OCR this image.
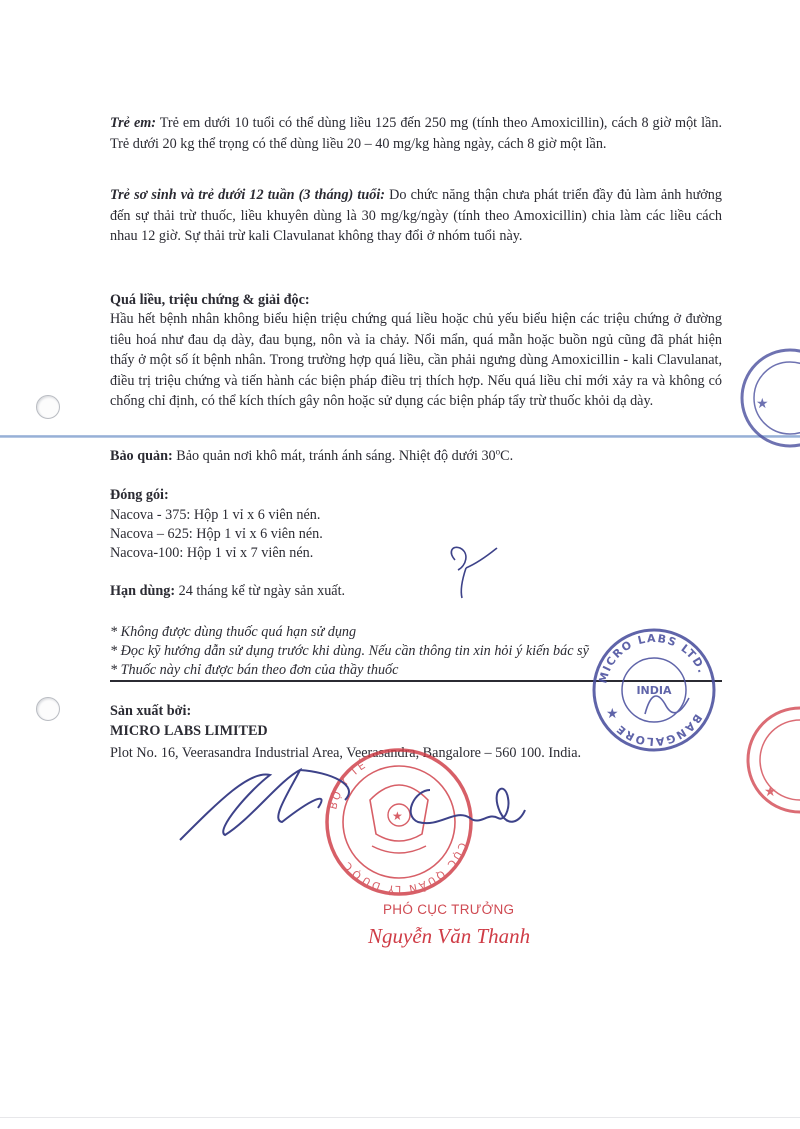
Trẻ em: Trẻ em dưới 10 tuổi có thể dùng liều 125 đến 250 mg (tính theo Amoxicillin), cách 8 giờ một lần. Trẻ dưới 20 kg thể trọng có thể dùng liều 20 – 40 mg/kg hàng ngày, cách 8 giờ một lần.
Trẻ sơ sinh và trẻ dưới 12 tuần (3 tháng) tuổi: Do chức năng thận chưa phát triển đầy đủ làm ảnh hưởng đến sự thải trừ thuốc, liều khuyên dùng là 30 mg/kg/ngày (tính theo Amoxicillin) chia làm các liều cách nhau 12 giờ. Sự thải trừ kali Clavulanat không thay đổi ở nhóm tuổi này.
Quá liều, triệu chứng & giải độc:
Hầu hết bệnh nhân không biểu hiện triệu chứng quá liều hoặc chủ yếu biểu hiện các triệu chứng ở đường tiêu hoá như đau dạ dày, đau bụng, nôn và ỉa chảy. Nổi mẩn, quá mẫn hoặc buồn ngủ cũng đã phát hiện thấy ở một số ít bệnh nhân. Trong trường hợp quá liều, cần phải ngưng dùng Amoxicillin - kali Clavulanat, điều trị triệu chứng và tiến hành các biện pháp điều trị thích hợp. Nếu quá liều chỉ mới xảy ra và không có chống chỉ định, có thể kích thích gây nôn hoặc sử dụng các biện pháp tẩy trừ thuốc khỏi dạ dày.
Bảo quản: Bảo quản nơi khô mát, tránh ánh sáng. Nhiệt độ dưới 30$^o$C.
Đóng gói:
Nacova - 375: Hộp 1 vỉ x 6 viên nén.
Nacova – 625: Hộp 1 vỉ x 6 viên nén.
Nacova-100: Hộp 1 vỉ x 7 viên nén.
Hạn dùng: 24 tháng kể từ ngày sản xuất.
* Không được dùng thuốc quá hạn sử dụng
* Đọc kỹ hướng dẫn sử dụng trước khi dùng. Nếu cần thông tin xin hỏi ý kiến bác sỹ
* Thuốc này chỉ được bán theo đơn của thầy thuốc
Sản xuất bởi:
MICRO LABS LIMITED
Plot No. 16, Veerasandra Industrial Area, Veerasandra, Bangalore – 560 100. India.
★
★
BỘ Y TẾ
CỤC QUẢN LÝ DƯỢC
★
MICRO LABS LTD.
BANGALORE
INDIA
★
PHÓ CỤC TRƯỞNG
Nguyễn Văn Thanh
